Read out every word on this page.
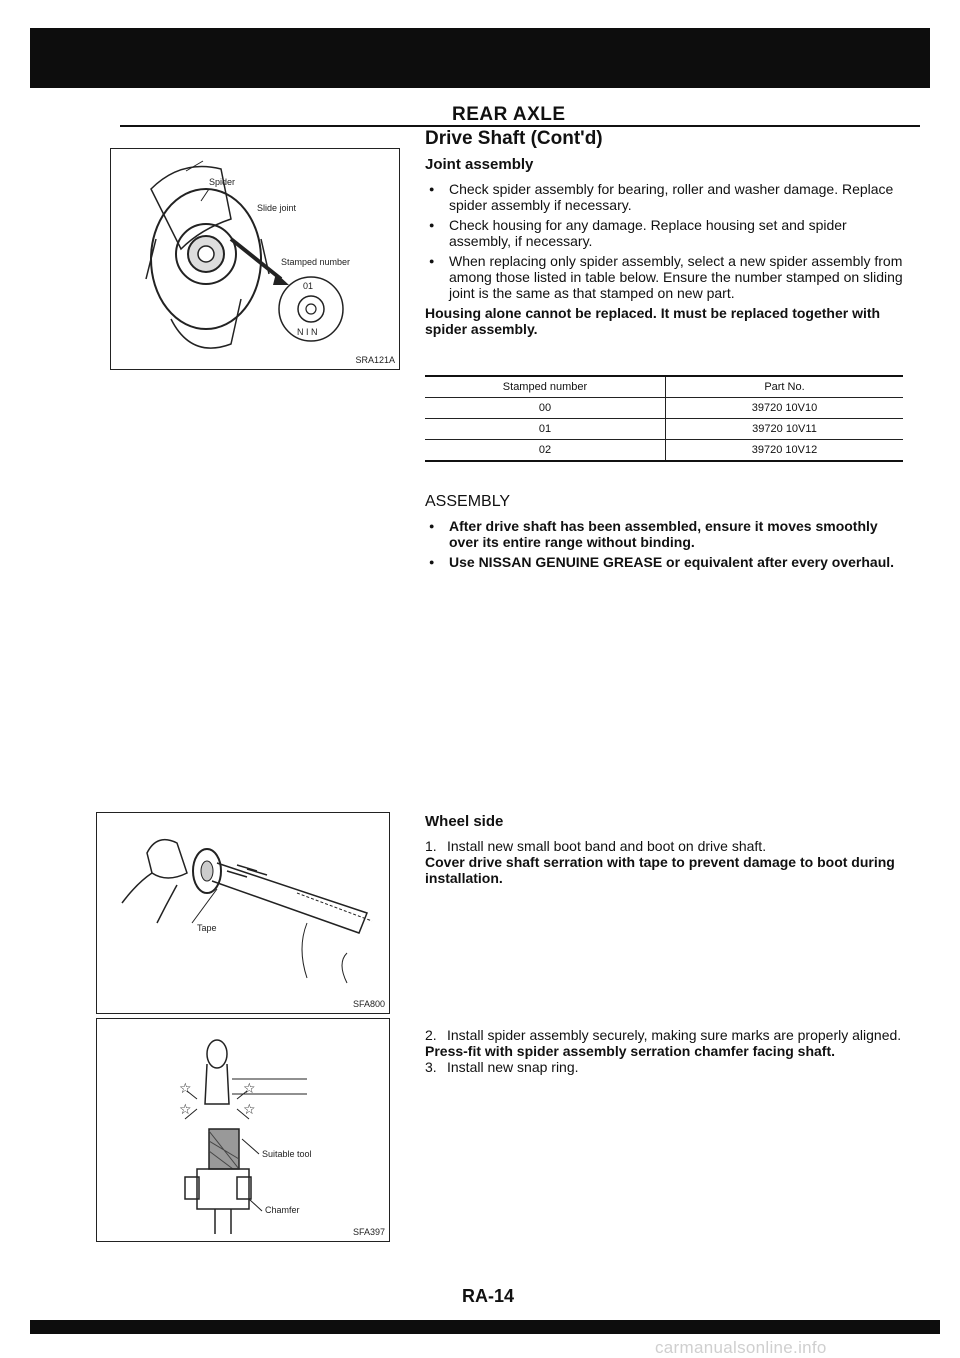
REAR AXLE
Drive Shaft (Cont'd)
Spider
Slide joint
Stamped number
01
N I N
SRA121A
Joint assembly
● Check spider assembly for bearing, roller and washer damage. Replace spider assembly if necessary.
● Check housing for any damage. Replace housing set and spider assembly, if necessary.
● When replacing only spider assembly, select a new spider assembly from among those listed in table below. Ensure the number stamped on sliding joint is the same as that stamped on new part.

Housing alone cannot be replaced. It must be replaced together with spider assembly.

Stamped number	Part No.
00	39720 10V10
01	39720 10V11
02	39720 10V12
ASSEMBLY
● After drive shaft has been assembled, ensure it moves smoothly over its entire range without binding.
● Use NISSAN GENUINE GREASE or equivalent after every overhaul.
Tape
SFA800
Wheel side
1. Install new small boot band and boot on drive shaft.

Cover drive shaft serration with tape to prevent damage to boot during installation.

☆	☆
☆	☆
Suitable tool
Chamfer
SFA397
2. Install spider assembly securely, making sure marks are properly aligned.

Press-fit with spider assembly serration chamfer facing shaft.

3. Install new snap ring.
RA-14
carmanualsonline.info
